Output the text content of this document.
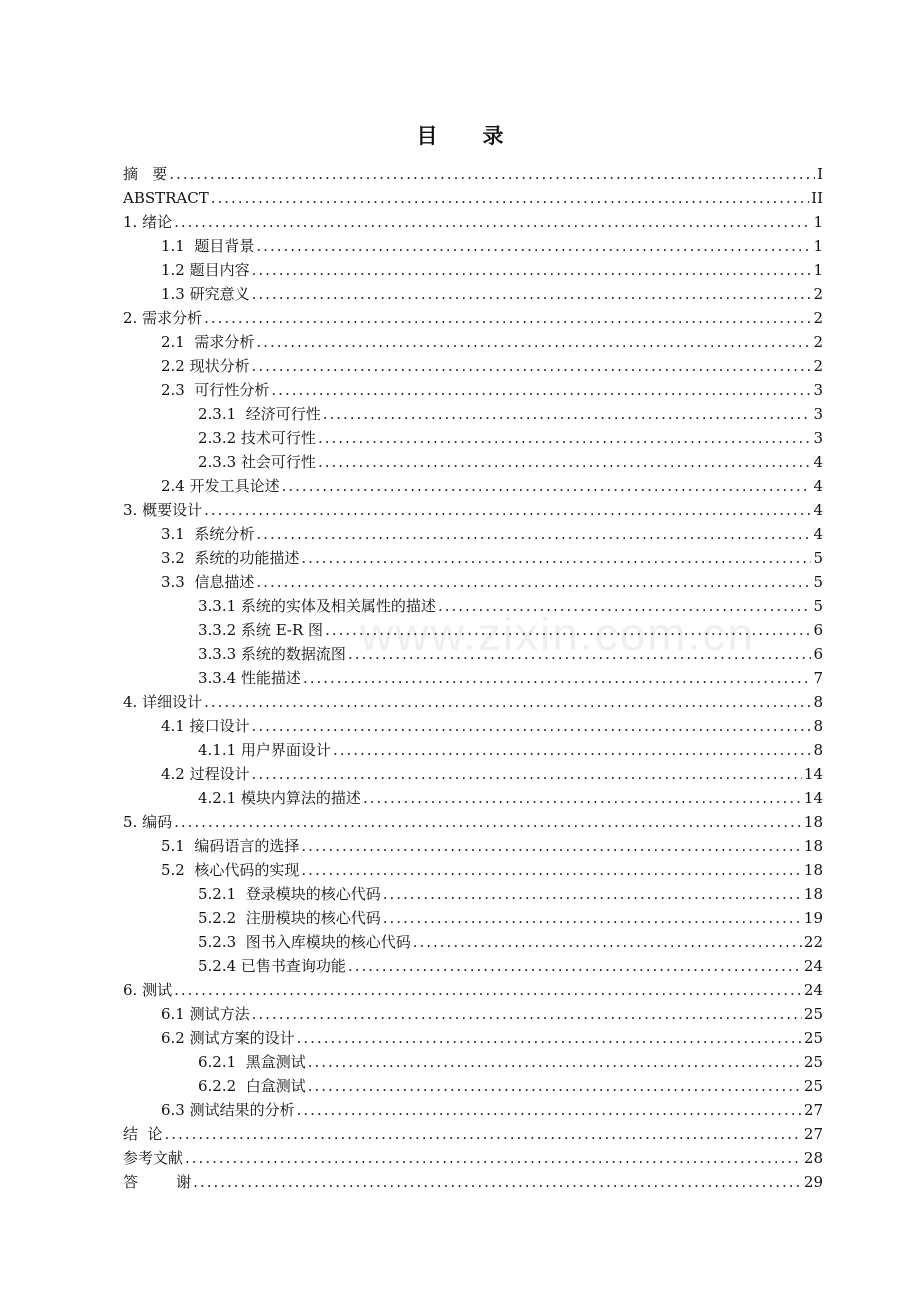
目 录
摘   要 .....	I
ABSTRACT .....	II
1. 绪论 .....	1
1.1  题目背景 .....	1
1.2 题目内容 .....	1
1.3 研究意义 .....	2
2. 需求分析 .....	2
2.1  需求分析 .....	2
2.2 现状分析 .....	2
2.3  可行性分析 .....	3
2.3.1  经济可行性 .....	3
2.3.2 技术可行性 .....	3
2.3.3 社会可行性 .....	4
2.4 开发工具论述 .....	4
3. 概要设计 .....	4
3.1  系统分析 .....	4
3.2  系统的功能描述 .....	5
3.3  信息描述 .....	5
3.3.1 系统的实体及相关属性的描述 .....	5
3.3.2 系统 E-R 图 .....	6
3.3.3 系统的数据流图 .....	6
3.3.4 性能描述 .....	7
4. 详细设计 .....	8
4.1 接口设计 .....	8
4.1.1 用户界面设计 .....	8
4.2 过程设计 .....	14
4.2.1 模块内算法的描述 .....	14
5. 编码 .....	18
5.1  编码语言的选择 .....	18
5.2  核心代码的实现 .....	18
5.2.1  登录模块的核心代码 .....	18
5.2.2  注册模块的核心代码 .....	19
5.2.3  图书入库模块的核心代码 .....	22
5.2.4 已售书查询功能 .....	24
6. 测试 .....	24
6.1 测试方法 .....	25
6.2 测试方案的设计 .....	25
6.2.1  黑盒测试 .....	25
6.2.2  白盒测试 .....	25
6.3 测试结果的分析 .....	27
结  论 .....	27
参考文献 .....	28
答        谢 .....	29
www.zixin.com.cn
